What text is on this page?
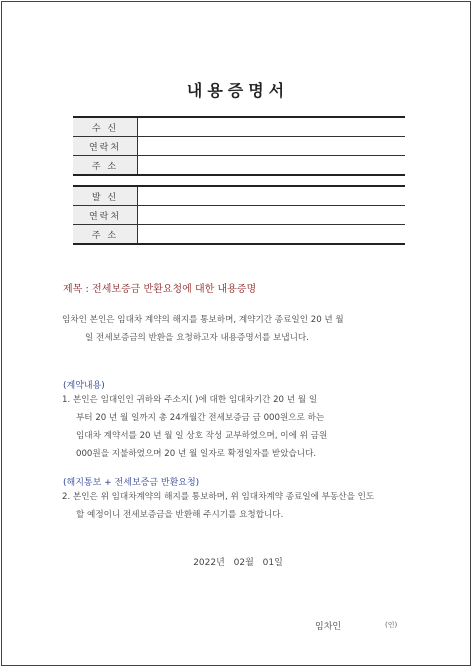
내용증명서
수 신	
연락처	
주 소	
발 신	
연락처	
주 소	
제목 : 전세보증금 반환요청에 대한 내용증명
임차인 본인은 임대차 계약의 해지를 통보하며, 계약기간 종료일인 20 년 월
일 전세보증금의 반환을 요청하고자 내용증명서를 보냅니다.
(계약내용)
1. 본인은 임대인인 귀하와 주소지( )에 대한 임대차기간 20 년 월 일
부터 20 년 월 일까지 총 24개월간 전세보증금 금 000원으로 하는
임대차 계약서를 20 년 월 일 상호 작성 교부하였으며, 이에 위 금원
000원을 지불하였으며 20 년 월 일자로 확정일자를 받았습니다.
(해지통보 + 전세보증금 반환요청)
2. 본인은 위 임대차계약의 해지를 통보하며, 위 임대차계약 종료일에 부동산을 인도
할 예정이니 전세보증금을 반환해 주시기를 요청합니다.
2022년 02월 01일
임차인	(인)
